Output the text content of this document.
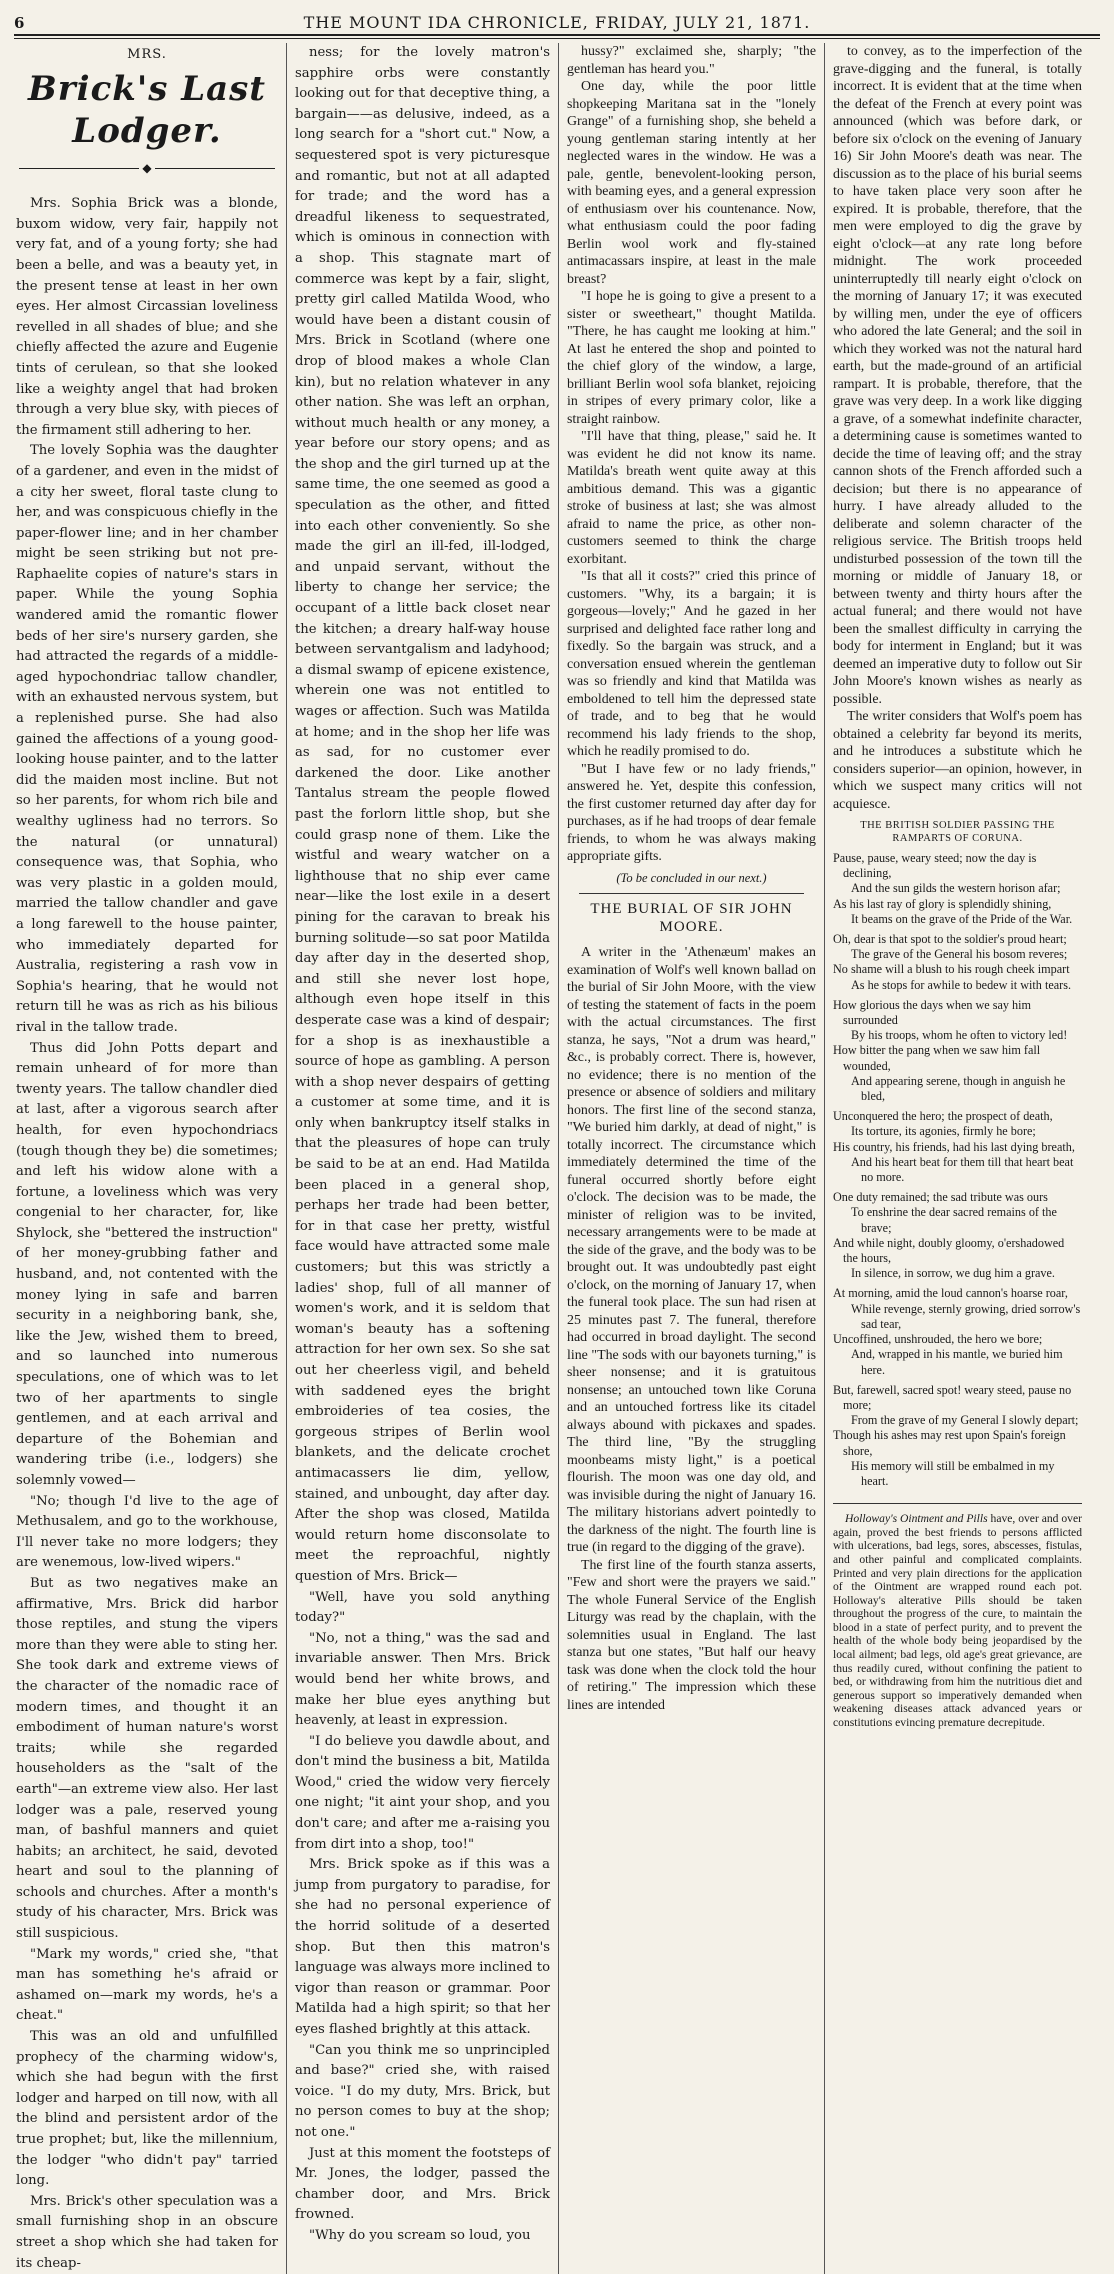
6	THE MOUNT IDA CHRONICLE, FRIDAY, JULY 21, 1871.
MRS.
Brick's Last Lodger.
◆

Mrs. Sophia Brick was a blonde, buxom widow, very fair, happily not very fat, and of a young forty; she had been a belle, and was a beauty yet, in the present tense at least in her own eyes. Her almost Circassian loveliness revelled in all shades of blue; and she chiefly affected the azure and Eugenie tints of cerulean, so that she looked like a weighty angel that had broken through a very blue sky, with pieces of the firmament still adhering to her.

The lovely Sophia was the daughter of a gardener, and even in the midst of a city her sweet, floral taste clung to her, and was conspicuous chiefly in the paper-flower line; and in her chamber might be seen striking but not pre-Raphaelite copies of nature's stars in paper. While the young Sophia wandered amid the romantic flower beds of her sire's nursery garden, she had attracted the regards of a middle-aged hypochondriac tallow chandler, with an exhausted nervous system, but a replenished purse. She had also gained the affections of a young good-looking house painter, and to the latter did the maiden most incline. But not so her parents, for whom rich bile and wealthy ugliness had no terrors. So the natural (or unnatural) consequence was, that Sophia, who was very plastic in a golden mould, married the tallow chandler and gave a long farewell to the house painter, who immediately departed for Australia, registering a rash vow in Sophia's hearing, that he would not return till he was as rich as his bilious rival in the tallow trade.

Thus did John Potts depart and remain unheard of for more than twenty years. The tallow chandler died at last, after a vigorous search after health, for even hypochondriacs (tough though they be) die sometimes; and left his widow alone with a fortune, a loveliness which was very congenial to her character, for, like Shylock, she "bettered the instruction" of her money-grubbing father and husband, and, not contented with the money lying in safe and barren security in a neighboring bank, she, like the Jew, wished them to breed, and so launched into numerous speculations, one of which was to let two of her apartments to single gentlemen, and at each arrival and departure of the Bohemian and wandering tribe (i.e., lodgers) she solemnly vowed—

"No; though I'd live to the age of Methusalem, and go to the workhouse, I'll never take no more lodgers; they are wenemous, low-lived wipers."

But as two negatives make an affirmative, Mrs. Brick did harbor those reptiles, and stung the vipers more than they were able to sting her. She took dark and extreme views of the character of the nomadic race of modern times, and thought it an embodiment of human nature's worst traits; while she regarded householders as the "salt of the earth"—an extreme view also. Her last lodger was a pale, reserved young man, of bashful manners and quiet habits; an architect, he said, devoted heart and soul to the planning of schools and churches. After a month's study of his character, Mrs. Brick was still suspicious.

"Mark my words," cried she, "that man has something he's afraid or ashamed on—mark my words, he's a cheat."

This was an old and unfulfilled prophecy of the charming widow's, which she had begun with the first lodger and harped on till now, with all the blind and persistent ardor of the true prophet; but, like the millennium, the lodger "who didn't pay" tarried long.

Mrs. Brick's other speculation was a small furnishing shop in an obscure street a shop which she had taken for its cheap-

ness; for the lovely matron's sapphire orbs were constantly looking out for that deceptive thing, a bargain——as delusive, indeed, as a long search for a "short cut." Now, a sequestered spot is very picturesque and romantic, but not at all adapted for trade; and the word has a dreadful likeness to sequestrated, which is ominous in connection with a shop. This stagnate mart of commerce was kept by a fair, slight, pretty girl called Matilda Wood, who would have been a distant cousin of Mrs. Brick in Scotland (where one drop of blood makes a whole Clan kin), but no relation whatever in any other nation. She was left an orphan, without much health or any money, a year before our story opens; and as the shop and the girl turned up at the same time, the one seemed as good a speculation as the other, and fitted into each other conveniently. So she made the girl an ill-fed, ill-lodged, and unpaid servant, without the liberty to change her service; the occupant of a little back closet near the kitchen; a dreary half-way house between servantgalism and ladyhood; a dismal swamp of epicene existence, wherein one was not entitled to wages or affection. Such was Matilda at home; and in the shop her life was as sad, for no customer ever darkened the door. Like another Tantalus stream the people flowed past the forlorn little shop, but she could grasp none of them. Like the wistful and weary watcher on a lighthouse that no ship ever came near—like the lost exile in a desert pining for the caravan to break his burning solitude—so sat poor Matilda day after day in the deserted shop, and still she never lost hope, although even hope itself in this desperate case was a kind of despair; for a shop is as inexhaustible a source of hope as gambling. A person with a shop never despairs of getting a customer at some time, and it is only when bankruptcy itself stalks in that the pleasures of hope can truly be said to be at an end. Had Matilda been placed in a general shop, perhaps her trade had been better, for in that case her pretty, wistful face would have attracted some male customers; but this was strictly a ladies' shop, full of all manner of women's work, and it is seldom that woman's beauty has a softening attraction for her own sex. So she sat out her cheerless vigil, and beheld with saddened eyes the bright embroideries of tea cosies, the gorgeous stripes of Berlin wool blankets, and the delicate crochet antimacassers lie dim, yellow, stained, and unbought, day after day. After the shop was closed, Matilda would return home disconsolate to meet the reproachful, nightly question of Mrs. Brick—

"Well, have you sold anything today?"

"No, not a thing," was the sad and invariable answer. Then Mrs. Brick would bend her white brows, and make her blue eyes anything but heavenly, at least in expression.

"I do believe you dawdle about, and don't mind the business a bit, Matilda Wood," cried the widow very fiercely one night; "it aint your shop, and you don't care; and after me a-raising you from dirt into a shop, too!"

Mrs. Brick spoke as if this was a jump from purgatory to paradise, for she had no personal experience of the horrid solitude of a deserted shop. But then this matron's language was always more inclined to vigor than reason or grammar. Poor Matilda had a high spirit; so that her eyes flashed brightly at this attack.

"Can you think me so unprincipled and base?" cried she, with raised voice. "I do my duty, Mrs. Brick, but no person comes to buy at the shop; not one."

Just at this moment the footsteps of Mr. Jones, the lodger, passed the chamber door, and Mrs. Brick frowned.

"Why do you scream so loud, you

hussy?" exclaimed she, sharply; "the gentleman has heard you."

One day, while the poor little shopkeeping Maritana sat in the "lonely Grange" of a furnishing shop, she beheld a young gentleman staring intently at her neglected wares in the window. He was a pale, gentle, benevolent-looking person, with beaming eyes, and a general expression of enthusiasm over his countenance. Now, what enthusiasm could the poor fading Berlin wool work and fly-stained antimacassars inspire, at least in the male breast?

"I hope he is going to give a present to a sister or sweetheart," thought Matilda. "There, he has caught me looking at him." At last he entered the shop and pointed to the chief glory of the window, a large, brilliant Berlin wool sofa blanket, rejoicing in stripes of every primary color, like a straight rainbow.

"I'll have that thing, please," said he. It was evident he did not know its name. Matilda's breath went quite away at this ambitious demand. This was a gigantic stroke of business at last; she was almost afraid to name the price, as other non-customers seemed to think the charge exorbitant.

"Is that all it costs?" cried this prince of customers. "Why, its a bargain; it is gorgeous—lovely;" And he gazed in her surprised and delighted face rather long and fixedly. So the bargain was struck, and a conversation ensued wherein the gentleman was so friendly and kind that Matilda was emboldened to tell him the depressed state of trade, and to beg that he would recommend his lady friends to the shop, which he readily promised to do.

"But I have few or no lady friends," answered he. Yet, despite this confession, the first customer returned day after day for purchases, as if he had troops of dear female friends, to whom he was always making appropriate gifts.

(To be concluded in our next.)
THE BURIAL OF SIR JOHN MOORE.

A writer in the 'Athenæum' makes an examination of Wolf's well known ballad on the burial of Sir John Moore, with the view of testing the statement of facts in the poem with the actual circumstances. The first stanza, he says, "Not a drum was heard," &c., is probably correct. There is, however, no evidence; there is no mention of the presence or absence of soldiers and military honors. The first line of the second stanza, "We buried him darkly, at dead of night," is totally incorrect. The circumstance which immediately determined the time of the funeral occurred shortly before eight o'clock. The decision was to be made, the minister of religion was to be invited, necessary arrangements were to be made at the side of the grave, and the body was to be brought out. It was undoubtedly past eight o'clock, on the morning of January 17, when the funeral took place. The sun had risen at 25 minutes past 7. The funeral, therefore had occurred in broad daylight. The second line "The sods with our bayonets turning," is sheer nonsense; and it is gratuitous nonsense; an untouched town like Coruna and an untouched fortress like its citadel always abound with pickaxes and spades. The third line, "By the struggling moonbeams misty light," is a poetical flourish. The moon was one day old, and was invisible during the night of January 16. The military historians advert pointedly to the darkness of the night. The fourth line is true (in regard to the digging of the grave).

The first line of the fourth stanza asserts, "Few and short were the prayers we said." The whole Funeral Service of the English Liturgy was read by the chaplain, with the solemnities usual in England. The last stanza but one states, "But half our heavy task was done when the clock told the hour of retiring." The impression which these lines are intended

to convey, as to the imperfection of the grave-digging and the funeral, is totally incorrect. It is evident that at the time when the defeat of the French at every point was announced (which was before dark, or before six o'clock on the evening of January 16) Sir John Moore's death was near. The discussion as to the place of his burial seems to have taken place very soon after he expired. It is probable, therefore, that the men were employed to dig the grave by eight o'clock—at any rate long before midnight. The work proceeded uninterruptedly till nearly eight o'clock on the morning of January 17; it was executed by willing men, under the eye of officers who adored the late General; and the soil in which they worked was not the natural hard earth, but the made-ground of an artificial rampart. It is probable, therefore, that the grave was very deep. In a work like digging a grave, of a somewhat indefinite character, a determining cause is sometimes wanted to decide the time of leaving off; and the stray cannon shots of the French afforded such a decision; but there is no appearance of hurry. I have already alluded to the deliberate and solemn character of the religious service. The British troops held undisturbed possession of the town till the morning or middle of January 18, or between twenty and thirty hours after the actual funeral; and there would not have been the smallest difficulty in carrying the body for interment in England; but it was deemed an imperative duty to follow out Sir John Moore's known wishes as nearly as possible.

The writer considers that Wolf's poem has obtained a celebrity far beyond its merits, and he introduces a substitute which he considers superior—an opinion, however, in which we suspect many critics will not acquiesce.

THE BRITISH SOLDIER PASSING THE RAMPARTS OF CORUNA.
Pause, pause, weary steed; now the day is declining,
And the sun gilds the western horison afar;
As his last ray of glory is splendidly shining,
It beams on the grave of the Pride of the War.
Oh, dear is that spot to the soldier's proud heart;
The grave of the General his bosom reveres;
No shame will a blush to his rough cheek impart
As he stops for awhile to bedew it with tears.
How glorious the days when we say him surrounded
By his troops, whom he often to victory led!
How bitter the pang when we saw him fall wounded,
And appearing serene, though in anguish he bled,
Unconquered the hero; the prospect of death,
Its torture, its agonies, firmly he bore;
His country, his friends, had his last dying breath,
And his heart beat for them till that heart beat no more.
One duty remained; the sad tribute was ours
To enshrine the dear sacred remains of the brave;
And while night, doubly gloomy, o'ershadowed the hours,
In silence, in sorrow, we dug him a grave.
At morning, amid the loud cannon's hoarse roar,
While revenge, sternly growing, dried sorrow's sad tear,
Uncoffined, unshrouded, the hero we bore;
And, wrapped in his mantle, we buried him here.
But, farewell, sacred spot! weary steed, pause no more;
From the grave of my General I slowly depart;
Though his ashes may rest upon Spain's foreign shore,
His memory will still be embalmed in my heart.
Holloway's Ointment and Pills have, over and over again, proved the best friends to persons afflicted with ulcerations, bad legs, sores, abscesses, fistulas, and other painful and complicated complaints. Printed and very plain directions for the application of the Ointment are wrapped round each pot. Holloway's alterative Pills should be taken throughout the progress of the cure, to maintain the blood in a state of perfect purity, and to prevent the health of the whole body being jeopardised by the local ailment; bad legs, old age's great grievance, are thus readily cured, without confining the patient to bed, or withdrawing from him the nutritious diet and generous support so imperatively demanded when weakening diseases attack advanced years or constitutions evincing premature decrepitude.
